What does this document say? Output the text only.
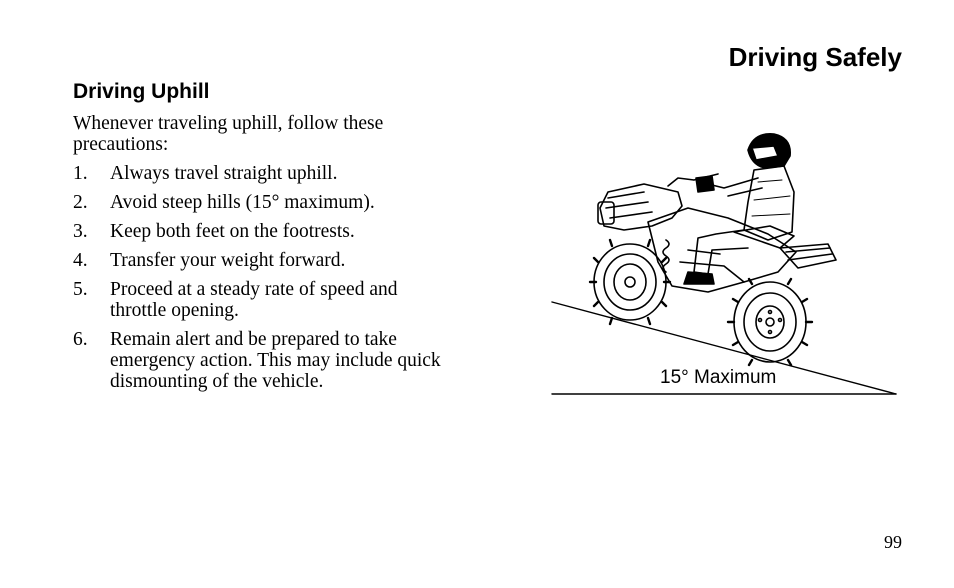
Driving Safely
Driving Uphill

Whenever traveling uphill, follow these precautions:

1. Always travel straight uphill.
2. Avoid steep hills (15° maximum).
3. Keep both feet on the footrests.
4. Transfer your weight forward.
5. Proceed at a steady rate of speed and throttle opening.
6. Remain alert and be prepared to take emergency action. This may include quick dismounting of the vehicle.	15° Maximum
99
